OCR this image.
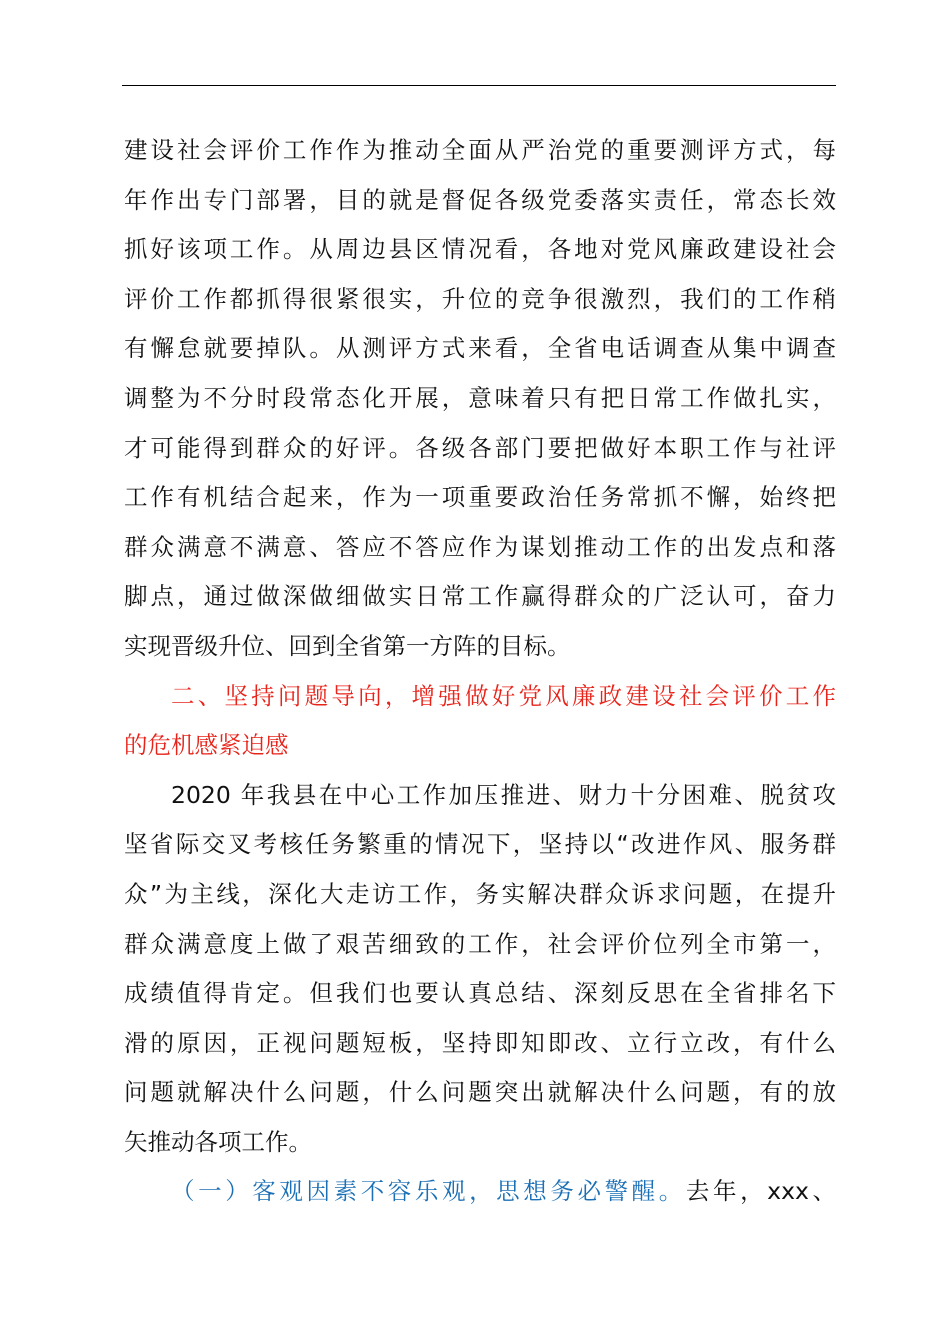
建设社会评价工作作为推动全面从严治党的重要测评方式，每
年作出专门部署，目的就是督促各级党委落实责任，常态长效
抓好该项工作。从周边县区情况看，各地对党风廉政建设社会
评价工作都抓得很紧很实，升位的竞争很激烈，我们的工作稍
有懈怠就要掉队。从测评方式来看，全省电话调查从集中调查
调整为不分时段常态化开展，意味着只有把日常工作做扎实，
才可能得到群众的好评。各级各部门要把做好本职工作与社评
工作有机结合起来，作为一项重要政治任务常抓不懈，始终把
群众满意不满意、答应不答应作为谋划推动工作的出发点和落
脚点，通过做深做细做实日常工作赢得群众的广泛认可，奋力
实现晋级升位、回到全省第一方阵的目标。
二、坚持问题导向，增强做好党风廉政建设社会评价工作
的危机感紧迫感
2020 年我县在中心工作加压推进、财力十分困难、脱贫攻
坚省际交叉考核任务繁重的情况下，坚持以“改进作风、服务群
众”为主线，深化大走访工作，务实解决群众诉求问题，在提升
群众满意度上做了艰苦细致的工作，社会评价位列全市第一，
成绩值得肯定。但我们也要认真总结、深刻反思在全省排名下
滑的原因，正视问题短板，坚持即知即改、立行立改，有什么
问题就解决什么问题，什么问题突出就解决什么问题，有的放
矢推动各项工作。
（一）客观因素不容乐观，思想务必警醒。去年，xxx、
